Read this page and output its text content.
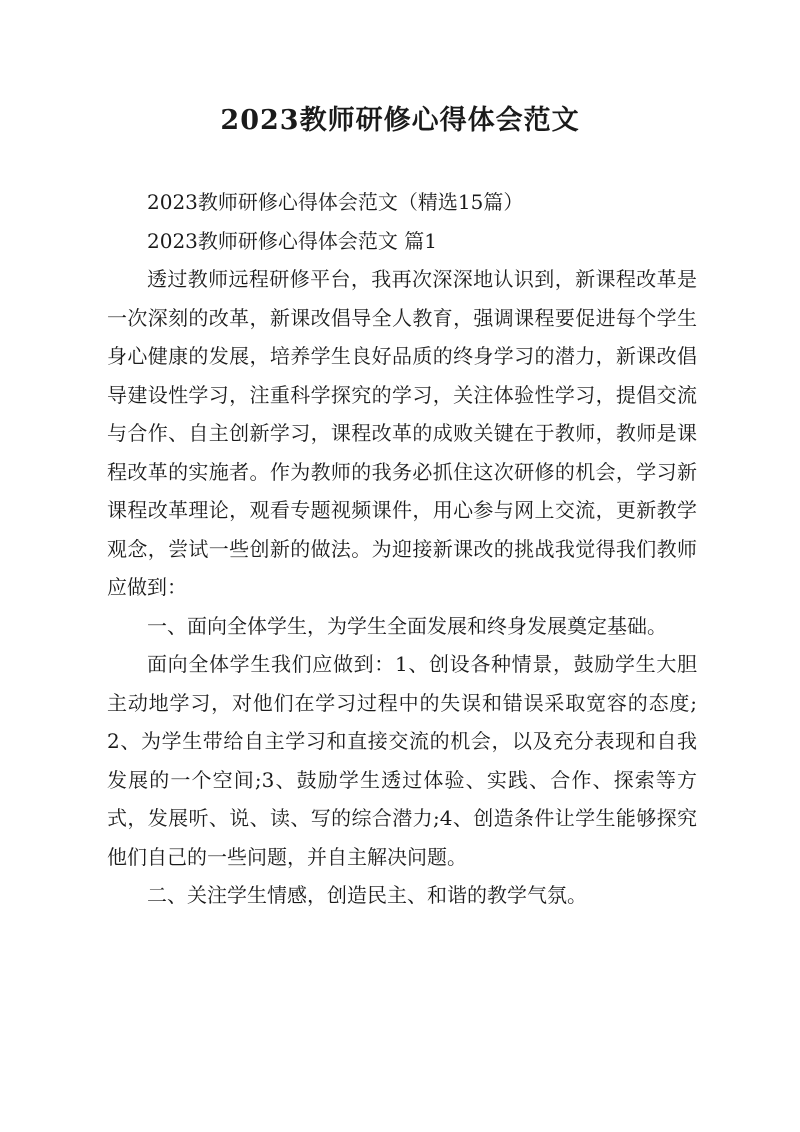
2023教师研修心得体会范文

2023教师研修心得体会范文（精选15篇）

2023教师研修心得体会范文 篇1

透过教师远程研修平台，我再次深深地认识到，新课程改革是一次深刻的改革，新课改倡导全人教育，强调课程要促进每个学生身心健康的发展，培养学生良好品质的终身学习的潜力，新课改倡导建设性学习，注重科学探究的学习，关注体验性学习，提倡交流与合作、自主创新学习，课程改革的成败关键在于教师，教师是课程改革的实施者。作为教师的我务必抓住这次研修的机会，学习新课程改革理论，观看专题视频课件，用心参与网上交流，更新教学观念，尝试一些创新的做法。为迎接新课改的挑战我觉得我们教师应做到：

一、面向全体学生，为学生全面发展和终身发展奠定基础。

面向全体学生我们应做到：1、创设各种情景，鼓励学生大胆主动地学习，对他们在学习过程中的失误和错误采取宽容的态度;2、为学生带给自主学习和直接交流的机会，以及充分表现和自我发展的一个空间;3、鼓励学生透过体验、实践、合作、探索等方式，发展听、说、读、写的综合潜力;4、创造条件让学生能够探究他们自己的一些问题，并自主解决问题。

二、关注学生情感，创造民主、和谐的教学气氛。
